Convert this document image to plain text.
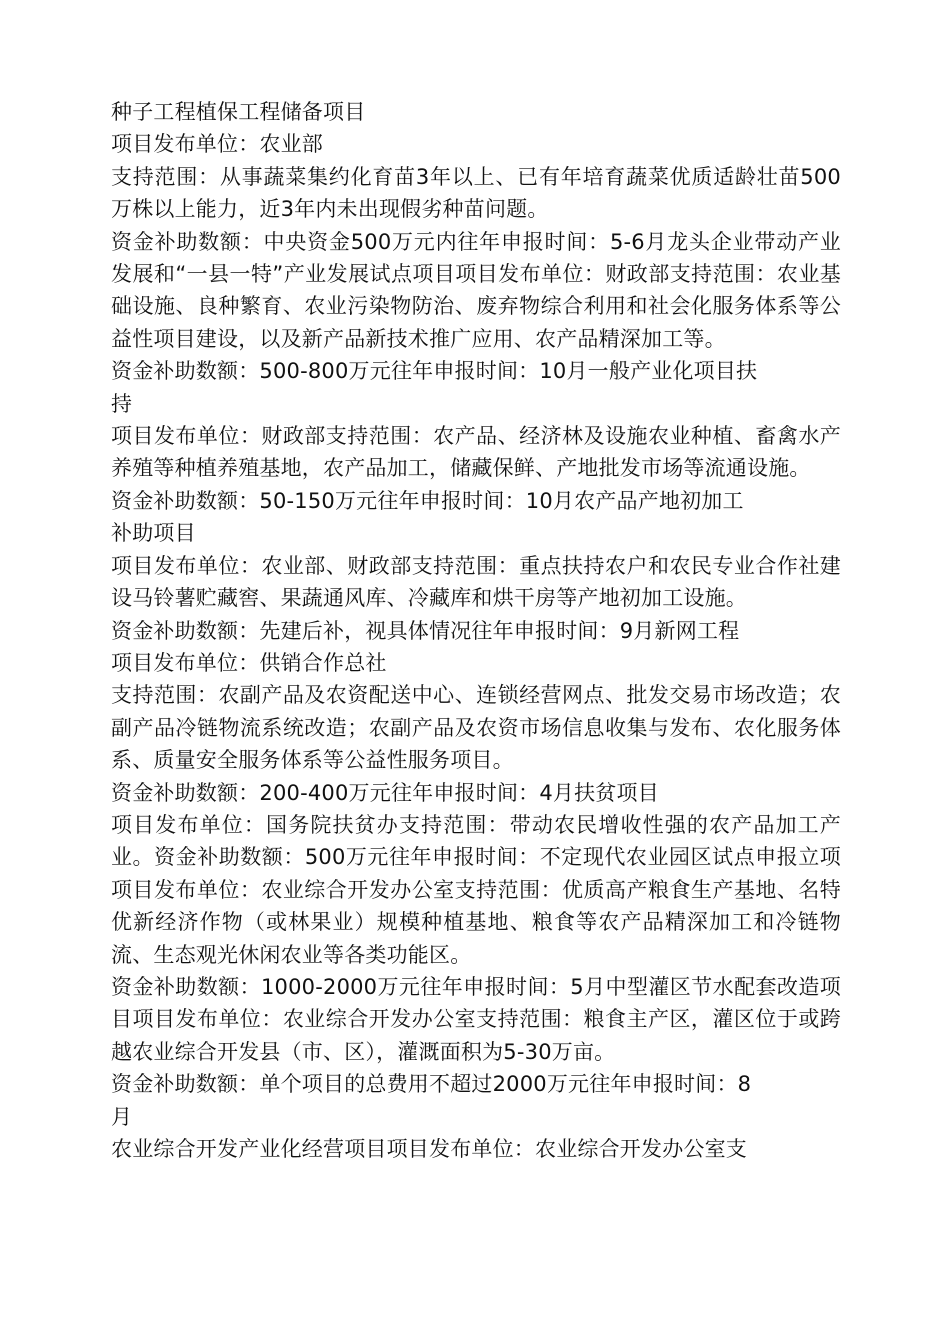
种子工程植保工程储备项目

项目发布单位：农业部

支持范围：从事蔬菜集约化育苗3年以上、已有年培育蔬菜优质适龄壮苗500万株以上能力，近3年内未出现假劣种苗问题。

资金补助数额：中央资金500万元内往年申报时间：5-6月龙头企业带动产业发展和“一县一特”产业发展试点项目项目发布单位：财政部支持范围：农业基础设施、良种繁育、农业污染物防治、废弃物综合利用和社会化服务体系等公益性项目建设，以及新产品新技术推广应用、农产品精深加工等。

资金补助数额：500-800万元往年申报时间：10月一般产业化项目扶

持

项目发布单位：财政部支持范围：农产品、经济林及设施农业种植、畜禽水产养殖等种植养殖基地，农产品加工，储藏保鲜、产地批发市场等流通设施。

资金补助数额：50-150万元往年申报时间：10月农产品产地初加工

补助项目

项目发布单位：农业部、财政部支持范围：重点扶持农户和农民专业合作社建设马铃薯贮藏窖、果蔬通风库、冷藏库和烘干房等产地初加工设施。

资金补助数额：先建后补，视具体情况往年申报时间：9月新网工程

项目发布单位：供销合作总社

支持范围：农副产品及农资配送中心、连锁经营网点、批发交易市场改造；农副产品冷链物流系统改造；农副产品及农资市场信息收集与发布、农化服务体系、质量安全服务体系等公益性服务项目。

资金补助数额：200-400万元往年申报时间：4月扶贫项目

项目发布单位：国务院扶贫办支持范围：带动农民增收性强的农产品加工产业。资金补助数额：500万元往年申报时间：不定现代农业园区试点申报立项项目发布单位：农业综合开发办公室支持范围：优质高产粮食生产基地、名特优新经济作物（或林果业）规模种植基地、粮食等农产品精深加工和冷链物流、生态观光休闲农业等各类功能区。

资金补助数额：1000-2000万元往年申报时间：5月中型灌区节水配套改造项目项目发布单位：农业综合开发办公室支持范围：粮食主产区，灌区位于或跨越农业综合开发县（市、区），灌溉面积为5-30万亩。

资金补助数额：单个项目的总费用不超过2000万元往年申报时间：8

月

农业综合开发产业化经营项目项目发布单位：农业综合开发办公室支
